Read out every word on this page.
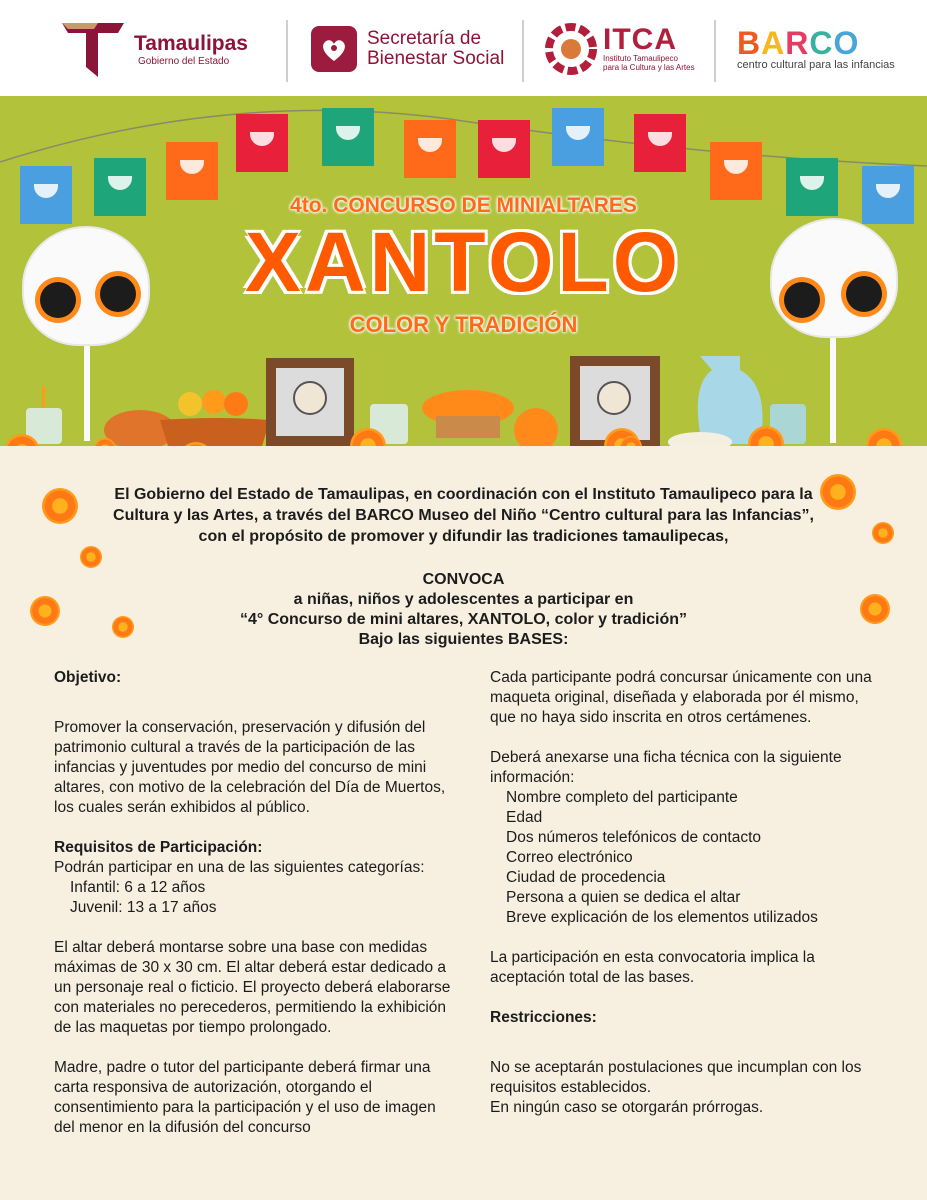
Tamaulipas
Gobierno del Estado
Secretaría de
Bienestar Social
ITCA
Instituto Tamaulipeco
para la Cultura y las Artes
BARCO
centro cultural para las infancias
4to. CONCURSO DE MINIALTARES
XANTOLO
COLOR Y TRADICIÓN
El Gobierno del Estado de Tamaulipas, en coordinación con el Instituto Tamaulipeco para la
Cultura y las Artes, a través del BARCO Museo del Niño “Centro cultural para las Infancias”,
con el propósito de promover y difundir las tradiciones tamaulipecas,
CONVOCA
a niñas, niños y adolescentes a participar en
“4° Concurso de mini altares, XANTOLO, color y tradición”
Bajo las siguientes BASES:
Objetivo:
Promover la conservación, preservación y difusión del patrimonio cultural a través de la participación de las infancias y juventudes por medio del concurso de mini altares, con motivo de la celebración del Día de Muertos, los cuales serán exhibidos al público.
Requisitos de Participación:
Podrán participar en una de las siguientes categorías:
Infantil: 6 a 12 años
Juvenil: 13 a 17 años
El altar deberá montarse sobre una base con medidas máximas de 30 x 30 cm. El altar deberá estar dedicado a un personaje real o ficticio. El proyecto deberá elaborarse con materiales no perecederos, permitiendo la exhibición de las maquetas por tiempo prolongado.
Madre, padre o tutor del participante deberá firmar una carta responsiva de autorización, otorgando el consentimiento para la participación y el uso de imagen del menor en la difusión del concurso
Cada participante podrá concursar únicamente con una maqueta original, diseñada y elaborada por él mismo, que no haya sido inscrita en otros certámenes.
Deberá anexarse una ficha técnica con la siguiente información:
Nombre completo del participante
Edad
Dos números telefónicos de contacto
Correo electrónico
Ciudad de procedencia
Persona a quien se dedica el altar
Breve explicación de los elementos utilizados
La participación en esta convocatoria implica la aceptación total de las bases.
Restricciones:
No se aceptarán postulaciones que incumplan con los requisitos establecidos.
En ningún caso se otorgarán prórrogas.
